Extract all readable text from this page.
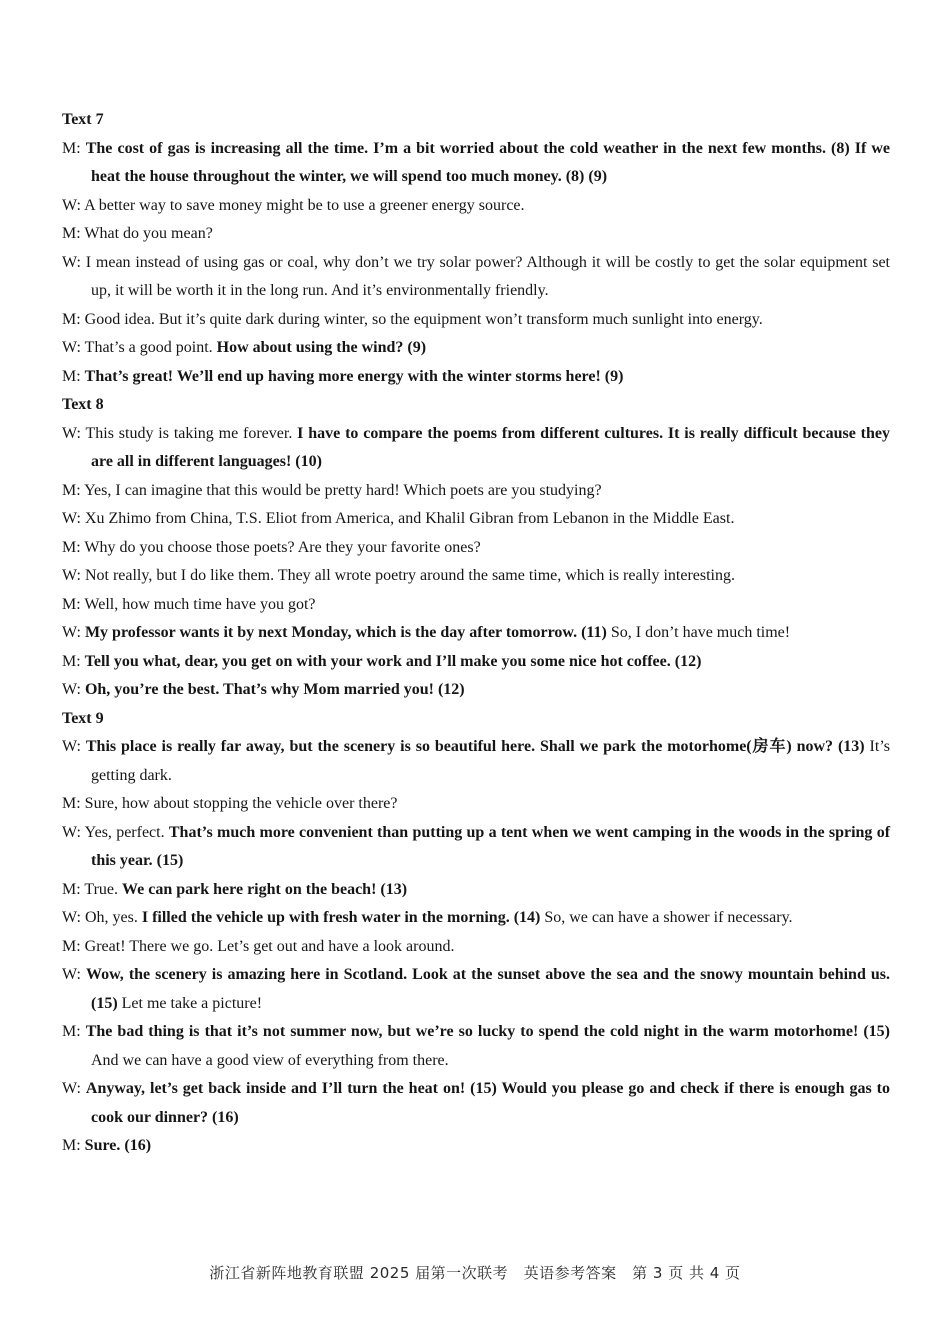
Text 7
M: The cost of gas is increasing all the time. I’m a bit worried about the cold weather in the next few months. (8) If we heat the house throughout the winter, we will spend too much money. (8) (9)
W: A better way to save money might be to use a greener energy source.
M: What do you mean?
W: I mean instead of using gas or coal, why don’t we try solar power? Although it will be costly to get the solar equipment set up, it will be worth it in the long run. And it’s environmentally friendly.
M: Good idea. But it’s quite dark during winter, so the equipment won’t transform much sunlight into energy.
W: That’s a good point. How about using the wind? (9)
M: That’s great! We’ll end up having more energy with the winter storms here! (9)
Text 8
W: This study is taking me forever. I have to compare the poems from different cultures. It is really difficult because they are all in different languages! (10)
M: Yes, I can imagine that this would be pretty hard! Which poets are you studying?
W: Xu Zhimo from China, T.S. Eliot from America, and Khalil Gibran from Lebanon in the Middle East.
M: Why do you choose those poets? Are they your favorite ones?
W: Not really, but I do like them. They all wrote poetry around the same time, which is really interesting.
M: Well, how much time have you got?
W: My professor wants it by next Monday, which is the day after tomorrow. (11) So, I don’t have much time!
M: Tell you what, dear, you get on with your work and I’ll make you some nice hot coffee. (12)
W: Oh, you’re the best. That’s why Mom married you! (12)
Text 9
W: This place is really far away, but the scenery is so beautiful here. Shall we park the motorhome(房车) now? (13) It’s getting dark.
M: Sure, how about stopping the vehicle over there?
W: Yes, perfect. That’s much more convenient than putting up a tent when we went camping in the woods in the spring of this year. (15)
M: True. We can park here right on the beach! (13)
W: Oh, yes. I filled the vehicle up with fresh water in the morning. (14) So, we can have a shower if necessary.
M: Great! There we go. Let’s get out and have a look around.
W: Wow, the scenery is amazing here in Scotland. Look at the sunset above the sea and the snowy mountain behind us. (15) Let me take a picture!
M: The bad thing is that it’s not summer now, but we’re so lucky to spend the cold night in the warm motorhome! (15) And we can have a good view of everything from there.
W: Anyway, let’s get back inside and I’ll turn the heat on! (15) Would you please go and check if there is enough gas to cook our dinner? (16)
M: Sure. (16)
浙江省新阵地教育联盟 2025 届第一次联考　英语参考答案　第 3 页 共 4 页
